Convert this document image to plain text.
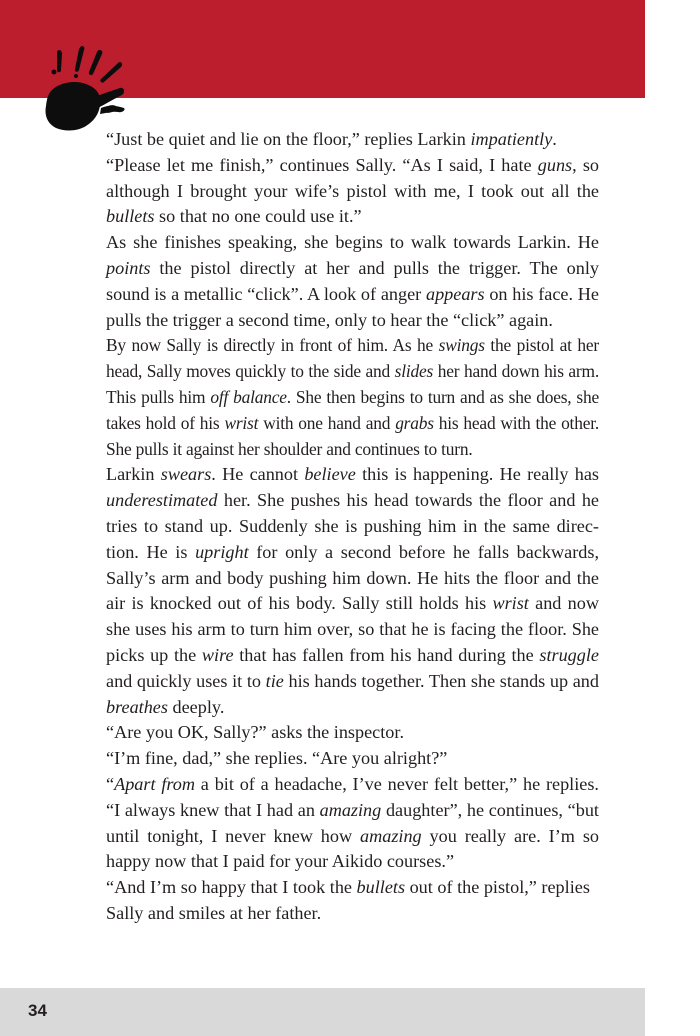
“Just be quiet and lie on the floor,” replies Larkin impatiently.

“Please let me finish,” continues Sally. “As I said, I hate guns, so although I brought your wife’s pistol with me, I took out all the bullets so that no one could use it.”

As she finishes speaking, she begins to walk towards Larkin. He points the pistol directly at her and pulls the trigger. The only sound is a metallic “click”. A look of anger appears on his face. He pulls the trigger a second time, only to hear the “click” again.

By now Sally is directly in front of him. As he swings the pistol at her head, Sally moves quickly to the side and slides her hand down his arm. This pulls him off balance. She then begins to turn and as she does, she takes hold of his wrist with one hand and grabs his head with the other. She pulls it against her shoulder and continues to turn.

Larkin swears. He cannot believe this is happening. He really has underestimated her. She pushes his head towards the floor and he tries to stand up. Suddenly she is pushing him in the same direc-tion. He is upright for only a second before he falls backwards, Sally’s arm and body pushing him down. He hits the floor and the air is knocked out of his body. Sally still holds his wrist and now she uses his arm to turn him over, so that he is facing the floor. She picks up the wire that has fallen from his hand during the struggle and quickly uses it to tie his hands together. Then she stands up and breathes deeply.

“Are you OK, Sally?” asks the inspector.

“I’m fine, dad,” she replies. “Are you alright?”

“Apart from a bit of a headache, I’ve never felt better,” he replies. “I always knew that I had an amazing daughter”, he continues, “but until tonight, I never knew how amazing you really are. I’m so happy now that I paid for your Aikido courses.”

“And I’m so happy that I took the bullets out of the pistol,” replies Sally and smiles at her father.

34
